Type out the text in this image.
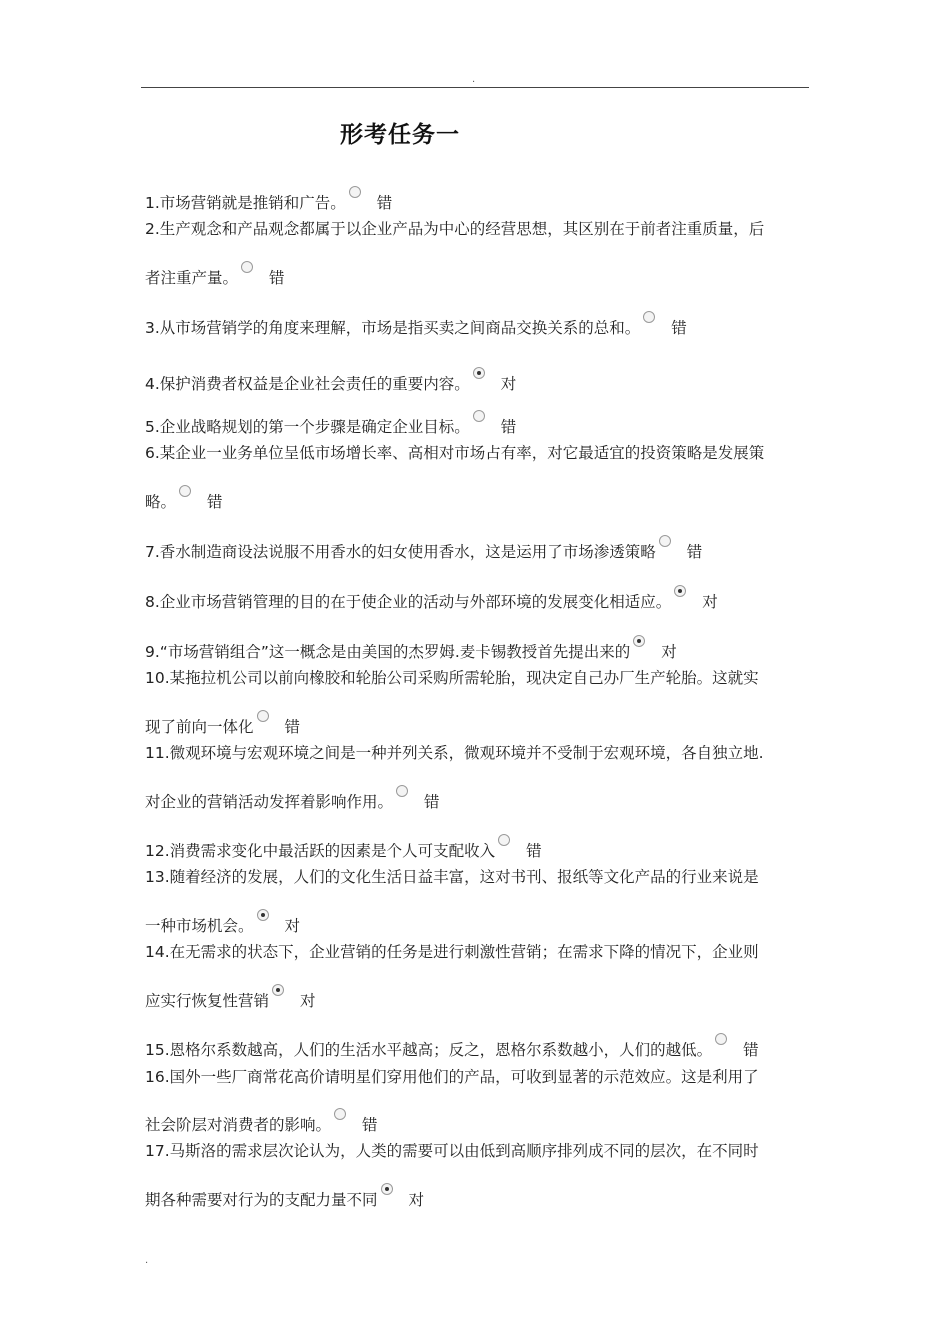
.
形考任务一
1.市场营销就是推销和广告。 错
2.生产观念和产品观念都属于以企业产品为中心的经营思想，其区别在于前者注重质量，后
者注重产量。 错
3.从市场营销学的角度来理解，市场是指买卖之间商品交换关系的总和。 错
4.保护消费者权益是企业社会责任的重要内容。 对
5.企业战略规划的第一个步骤是确定企业目标。 错
6.某企业一业务单位呈低市场增长率、高相对市场占有率，对它最适宜的投资策略是发展策
略。 错
7.香水制造商设法说服不用香水的妇女使用香水，这是运用了市场渗透策略 错
8.企业市场营销管理的目的在于使企业的活动与外部环境的发展变化相适应。 对
9.“市场营销组合”这一概念是由美国的杰罗姆.麦卡锡教授首先提出来的 对
10.某拖拉机公司以前向橡胶和轮胎公司采购所需轮胎，现决定自己办厂生产轮胎。这就实
现了前向一体化 错
11.微观环境与宏观环境之间是一种并列关系，微观环境并不受制于宏观环境，各自独立地.
对企业的营销活动发挥着影响作用。 错
12.消费需求变化中最活跃的因素是个人可支配收入 错
13.随着经济的发展，人们的文化生活日益丰富，这对书刊、报纸等文化产品的行业来说是
一种市场机会。 对
14.在无需求的状态下，企业营销的任务是进行刺激性营销；在需求下降的情况下，企业则
应实行恢复性营销 对
15.恩格尔系数越高，人们的生活水平越高；反之，恩格尔系数越小，人们的越低。 错
16.国外一些厂商常花高价请明星们穿用他们的产品，可收到显著的示范效应。这是利用了
社会阶层对消费者的影响。 错
17.马斯洛的需求层次论认为，人类的需要可以由低到高顺序排列成不同的层次，在不同时
期各种需要对行为的支配力量不同 对
.
